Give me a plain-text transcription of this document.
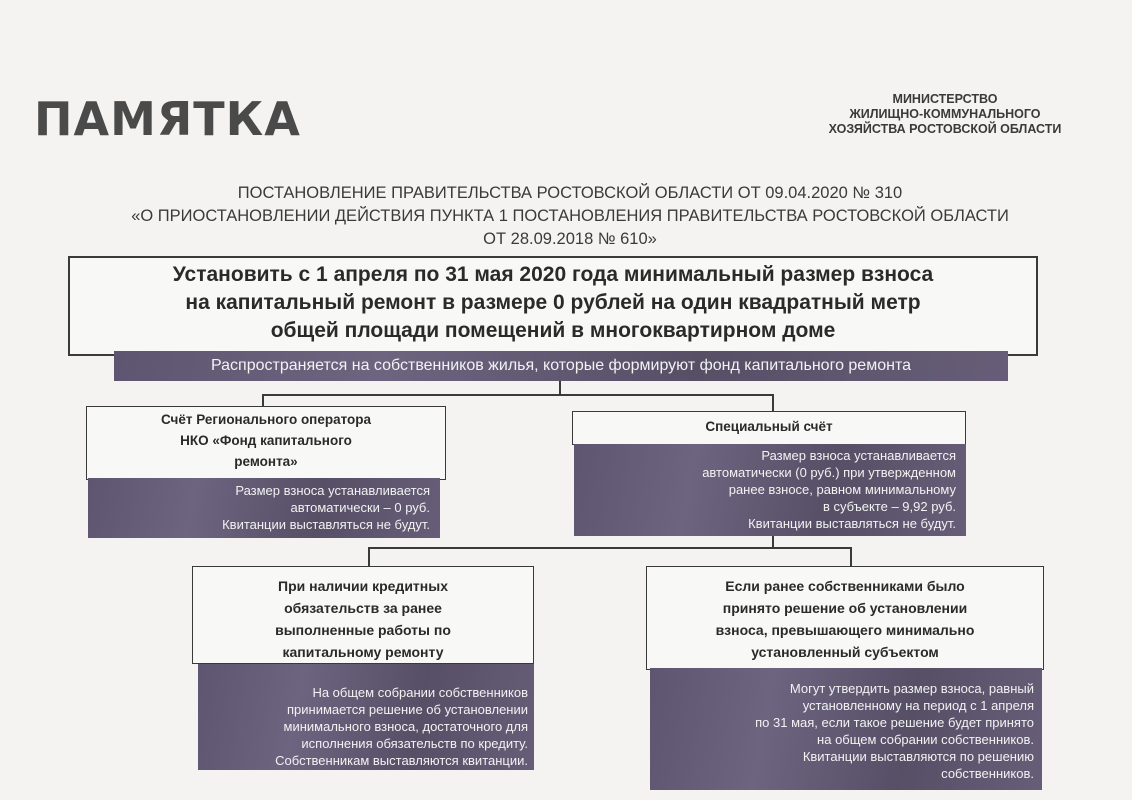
ПАМЯТКА	МИНИСТЕРСТВО
ЖИЛИЩНО-КОММУНАЛЬНОГО
ХОЗЯЙСТВА РОСТОВСКОЙ ОБЛАСТИ
ПОСТАНОВЛЕНИЕ ПРАВИТЕЛЬСТВА РОСТОВСКОЙ ОБЛАСТИ ОТ 09.04.2020 № 310
«О ПРИОСТАНОВЛЕНИИ ДЕЙСТВИЯ ПУНКТА 1 ПОСТАНОВЛЕНИЯ ПРАВИТЕЛЬСТВА РОСТОВСКОЙ ОБЛАСТИ
ОТ 28.09.2018 № 610»
Установить с 1 апреля по 31 мая 2020 года минимальный размер взноса
на капитальный ремонт в размере 0 рублей на один квадратный метр
общей площади помещений в многоквартирном доме
Распространяется на собственников жилья, которые формируют фонд капитального ремонта
Счёт Регионального оператора
НКО «Фонд капитального
ремонта»
Размер взноса устанавливается
автоматически – 0 руб.
Квитанции выставляться не будут.
Специальный счёт
Размер взноса устанавливается
автоматически (0 руб.) при утвержденном
ранее взносе, равном минимальному
в субъекте – 9,92 руб.
Квитанции выставляться не будут.
При наличии кредитных
обязательств за ранее
выполненные работы по
капитальному ремонту
На общем собрании собственников
принимается решение об установлении
минимального взноса, достаточного для
исполнения обязательств по кредиту.
Собственникам выставляются квитанции.
Если ранее собственниками было
принято решение об установлении
взноса, превышающего минимально
установленный субъектом
Могут утвердить размер взноса, равный
установленному на период с 1 апреля
по 31 мая, если такое решение будет принято
на общем собрании собственников.
Квитанции выставляются по решению
собственников.
